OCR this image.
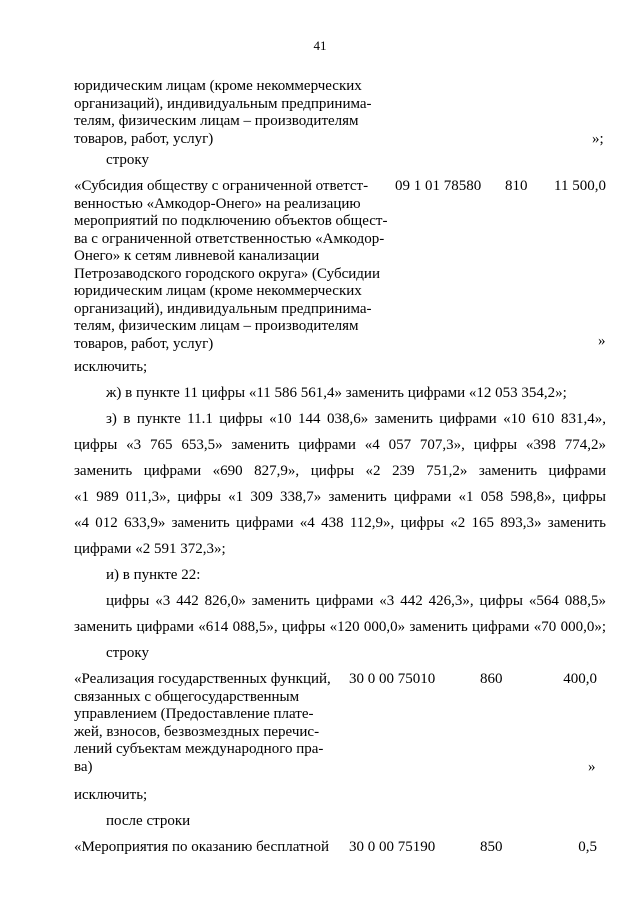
41

юридическим лицам (кроме некоммерческих

организаций), индивидуальным предпринима-

телям, физическим лицам – производителям

товаров, работ, услуг)	»;
строку

«Субсидия обществу с ограниченной ответст-

венностью «Амкодор-Онего» на реализацию

мероприятий по подключению объектов общест-

ва с ограниченной ответственностью «Амкодор-

Онего» к сетям ливневой канализации

Петрозаводского городского округа» (Субсидии

юридическим лицам (кроме некоммерческих

организаций), индивидуальным предпринима-

телям, физическим лицам – производителям

товаров, работ, услуг)

09 1 01 78580 810	11 500,0
»
исключить;
ж) в пункте 11 цифры «11 586 561,4» заменить цифрами «12 053 354,2»;
з) в пункте 11.1 цифры «10 144 038,6» заменить цифрами «10 610 831,4»,
цифры «3 765 653,5» заменить цифрами «4 057 707,3», цифры «398 774,2»
заменить цифрами «690 827,9», цифры «2 239 751,2» заменить цифрами
«1 989 011,3», цифры «1 309 338,7» заменить цифрами «1 058 598,8», цифры
«4 012 633,9» заменить цифрами «4 438 112,9», цифры «2 165 893,3» заменить
цифрами «2 591 372,3»;
и) в пункте 22:
цифры «3 442 826,0» заменить цифрами «3 442 426,3», цифры «564 088,5»
заменить цифрами «614 088,5», цифры «120 000,0» заменить цифрами «70 000,0»;
строку

«Реализация государственных функций,

связанных с общегосударственным

управлением (Предоставление плате-

жей, взносов, безвозмездных перечис-

лений субъектам международного пра-

ва)

30 0 00 75010	860	400,0
»
исключить;
после строки
«Мероприятия по оказанию бесплатной 30 0 00 75190	850	0,5
